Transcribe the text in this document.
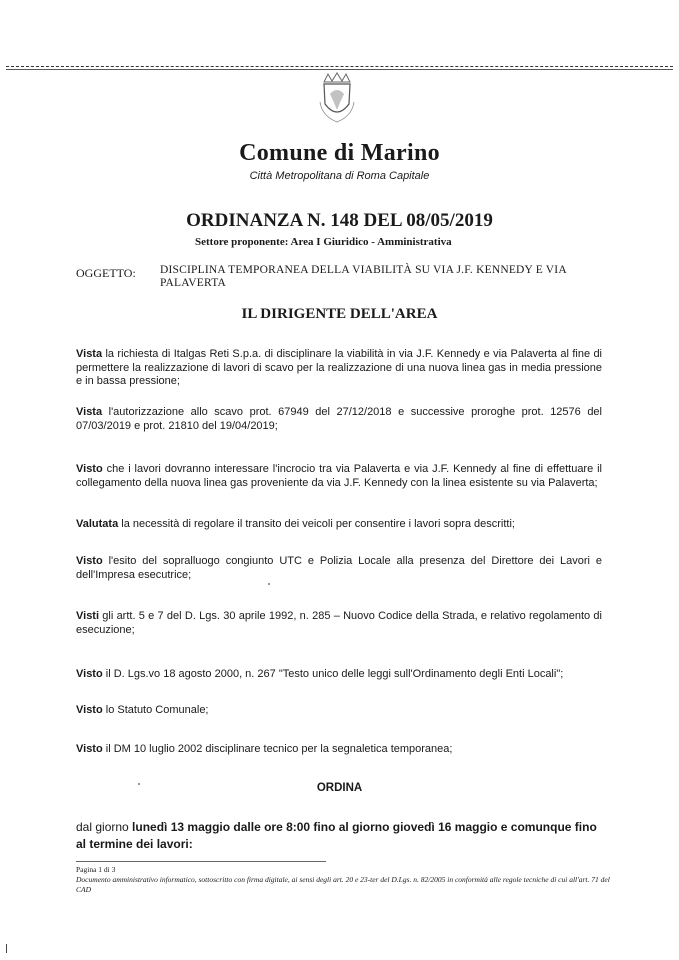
Comune di Marino
Città Metropolitana di Roma Capitale
ORDINANZA N. 148 DEL 08/05/2019
Settore proponente: Area I Giuridico - Amministrativa
OGGETTO: DISCIPLINA TEMPORANEA DELLA VIABILITÀ SU VIA J.F. KENNEDY E VIA PALAVERTA
IL DIRIGENTE DELL'AREA

Vista la richiesta di Italgas Reti S.p.a. di disciplinare la viabilità in via J.F. Kennedy e via Palaverta al fine di permettere la realizzazione di lavori di scavo per la realizzazione di una nuova linea gas in media pressione e in bassa pressione;

Vista l'autorizzazione allo scavo prot. 67949 del 27/12/2018 e successive proroghe prot. 12576 del 07/03/2019 e prot. 21810 del 19/04/2019;

Visto che i lavori dovranno interessare l'incrocio tra via Palaverta e via J.F. Kennedy al fine di effettuare il collegamento della nuova linea gas proveniente da via J.F. Kennedy con la linea esistente su via Palaverta;

Valutata la necessità di regolare il transito dei veicoli per consentire i lavori sopra descritti;

Visto l'esito del sopralluogo congiunto UTC e Polizia Locale alla presenza del Direttore dei Lavori e dell'Impresa esecutrice;

Visti gli artt. 5 e 7 del D. Lgs. 30 aprile 1992, n. 285 – Nuovo Codice della Strada, e relativo regolamento di esecuzione;

Visto il D. Lgs.vo 18 agosto 2000, n. 267 "Testo unico delle leggi sull'Ordinamento degli Enti Locali";

Visto lo Statuto Comunale;

Visto il DM 10 luglio 2002 disciplinare tecnico per la segnaletica temporanea;

ORDINA

dal giorno lunedì 13 maggio dalle ore 8:00 fino al giorno giovedì 16 maggio e comunque fino al termine dei lavori:

Pagina 1 di 3

Documento amministrativo informatico, sottoscritto con firma digitale, ai sensi degli art. 20 e 23-ter del D.Lgs. n. 82/2005 in conformità alle regole tecniche di cui all'art. 71 del CAD
